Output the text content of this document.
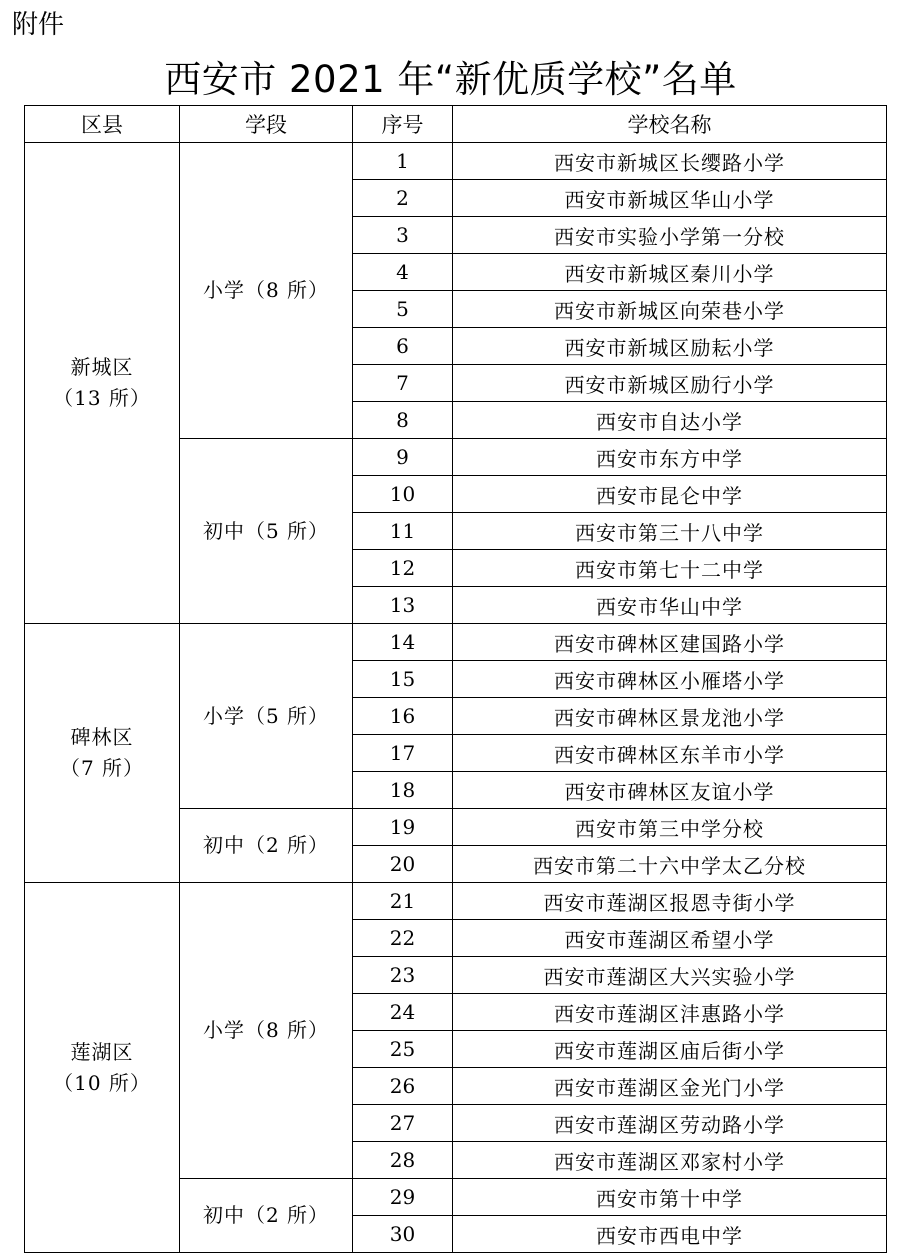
附件
西安市 2021 年“新优质学校”名单
区县	学段	序号	学校名称

新城区
（13 所）	小学（8 所）	1	西安市新城区长缨路小学
		2	西安市新城区华山小学
		3	西安市实验小学第一分校
		4	西安市新城区秦川小学
		5	西安市新城区向荣巷小学
		6	西安市新城区励耘小学
		7	西安市新城区励行小学
		8	西安市自达小学
	初中（5 所）	9	西安市东方中学
		10	西安市昆仑中学
		11	西安市第三十八中学
		12	西安市第七十二中学
		13	西安市华山中学

碑林区
（7 所）	小学（5 所）	14	西安市碑林区建国路小学
		15	西安市碑林区小雁塔小学
		16	西安市碑林区景龙池小学
		17	西安市碑林区东羊市小学
		18	西安市碑林区友谊小学
	初中（2 所）	19	西安市第三中学分校
		20	西安市第二十六中学太乙分校

莲湖区
（10 所）	小学（8 所）	21	西安市莲湖区报恩寺街小学
		22	西安市莲湖区希望小学
		23	西安市莲湖区大兴实验小学
		24	西安市莲湖区沣惠路小学
		25	西安市莲湖区庙后街小学
		26	西安市莲湖区金光门小学
		27	西安市莲湖区劳动路小学
		28	西安市莲湖区邓家村小学
	初中（2 所）	29	西安市第十中学
		30	西安市西电中学
